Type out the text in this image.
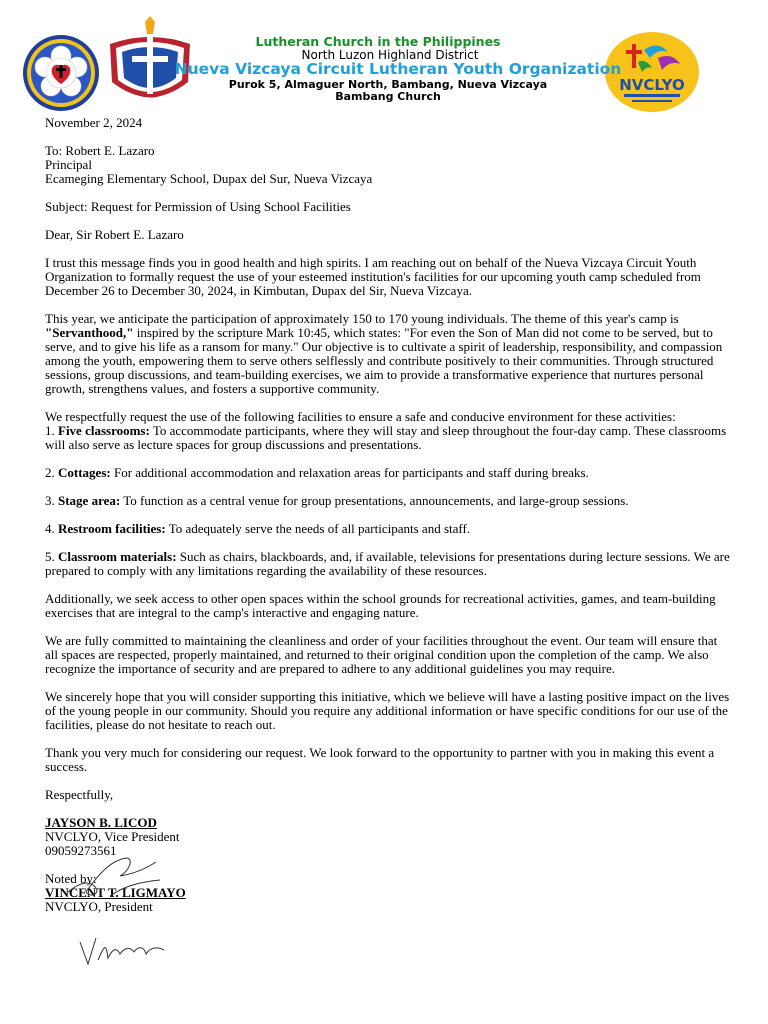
NVCLYO
Lutheran Church in the Philippines
North Luzon Highland District
Nueva Vizcaya Circuit Lutheran Youth Organization
Purok 5, Almaguer North, Bambang, Nueva Vizcaya
Bambang Church

November 2, 2024

To: Robert E. Lazaro
Principal

Ecameging Elementary School, Dupax del Sur, Nueva Vizcaya

Subject: Request for Permission of Using School Facilities

Dear, Sir Robert E. Lazaro

I trust this message finds you in good health and high spirits. I am reaching out on behalf of the Nueva Vizcaya Circuit Youth Organization to formally request the use of your esteemed institution's facilities for our upcoming youth camp scheduled from December 26 to December 30, 2024, in Kimbutan, Dupax del Sir, Nueva Vizcaya.

This year, we anticipate the participation of approximately 150 to 170 young individuals. The theme of this year's camp is "Servanthood," inspired by the scripture Mark 10:45, which states: "For even the Son of Man did not come to be served, but to serve, and to give his life as a ransom for many." Our objective is to cultivate a spirit of leadership, responsibility, and compassion among the youth, empowering them to serve others selflessly and contribute positively to their communities. Through structured sessions, group discussions, and team-building exercises, we aim to provide a transformative experience that nurtures personal growth, strengthens values, and fosters a supportive community.

We respectfully request the use of the following facilities to ensure a safe and conducive environment for these activities:

1. Five classrooms: To accommodate participants, where they will stay and sleep throughout the four-day camp. These classrooms will also serve as lecture spaces for group discussions and presentations.

2. Cottages: For additional accommodation and relaxation areas for participants and staff during breaks.

3. Stage area: To function as a central venue for group presentations, announcements, and large-group sessions.

4. Restroom facilities: To adequately serve the needs of all participants and staff.

5. Classroom materials: Such as chairs, blackboards, and, if available, televisions for presentations during lecture sessions. We are prepared to comply with any limitations regarding the availability of these resources.

Additionally, we seek access to other open spaces within the school grounds for recreational activities, games, and team-building exercises that are integral to the camp's interactive and engaging nature.

We are fully committed to maintaining the cleanliness and order of your facilities throughout the event. Our team will ensure that all spaces are respected, properly maintained, and returned to their original condition upon the completion of the camp. We also recognize the importance of security and are prepared to adhere to any additional guidelines you may require.

We sincerely hope that you will consider supporting this initiative, which we believe will have a lasting positive impact on the lives of the young people in our community. Should you require any additional information or have specific conditions for our use of the facilities, please do not hesitate to reach out.

Thank you very much for considering our request. We look forward to the opportunity to partner with you in making this event a success.

Respectfully,

JAYSON B. LICOD
NVCLYO, Vice President

09059273561

Noted by:
VINCENT T. LIGMAYO
NVCLYO, President
